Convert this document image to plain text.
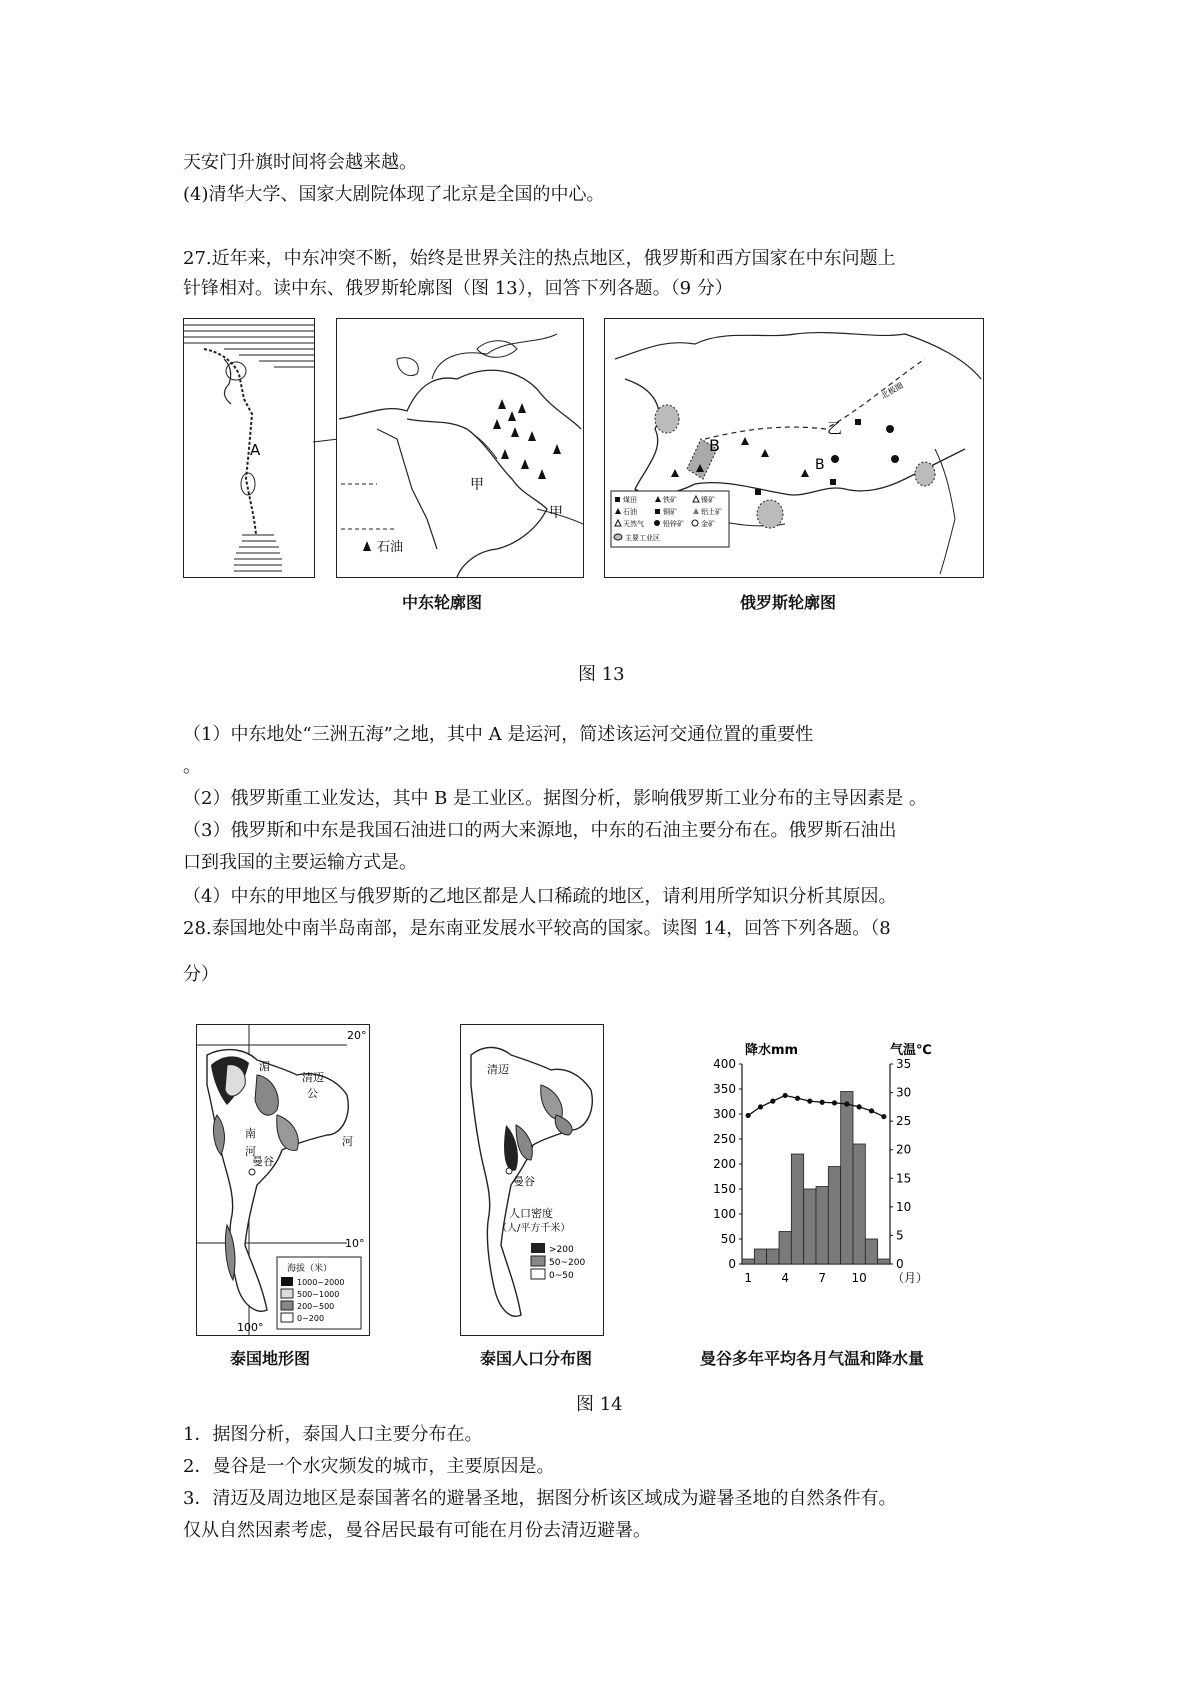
天安门升旗时间将会越来越。
(4)清华大学、国家大剧院体现了北京是全国的中心。
27.近年来，中东冲突不断，始终是世界关注的热点地区，俄罗斯和西方国家在中东问题上
针锋相对。读中东、俄罗斯轮廓图（图 13），回答下列各题。（9 分）
A
甲
甲
石油
B
乙
B
北极圈
煤田	铁矿	镍矿
石油	铜矿	铝土矿
天然气	铅锌矿 金矿
主要工业区
中东轮廓图	俄罗斯轮廓图
图 13
（1）中东地处“三洲五海”之地，其中 A 是运河，简述该运河交通位置的重要性
。
（2）俄罗斯重工业发达，其中 B 是工业区。据图分析，影响俄罗斯工业分布的主导因素是 。
（3）俄罗斯和中东是我国石油进口的两大来源地，中东的石油主要分布在。俄罗斯石油出
口到我国的主要运输方式是。
（4）中东的甲地区与俄罗斯的乙地区都是人口稀疏的地区，请利用所学知识分析其原因。
28.泰国地处中南半岛南部，是东南亚发展水平较高的国家。读图 14，回答下列各题。（8
分）
20°
10°
100°
湄
清迈
公
南
河
河
曼谷
海拔（米）
1000~2000
500~1000
200~500
0~200
清迈
曼谷
人口密度
（人/平方千米）
>200
50~200
0~50
降水mm	气温℃
0
50
100
150
200
250
300
350
400
0
5
10
15
20
25
30
35
1 4 7 10 （月）
泰国地形图	泰国人口分布图	曼谷多年平均各月气温和降水量
图 14
1．据图分析，泰国人口主要分布在。
2．曼谷是一个水灾频发的城市，主要原因是。
3．清迈及周边地区是泰国著名的避暑圣地，据图分析该区域成为避暑圣地的自然条件有。
仅从自然因素考虑，曼谷居民最有可能在月份去清迈避暑。
